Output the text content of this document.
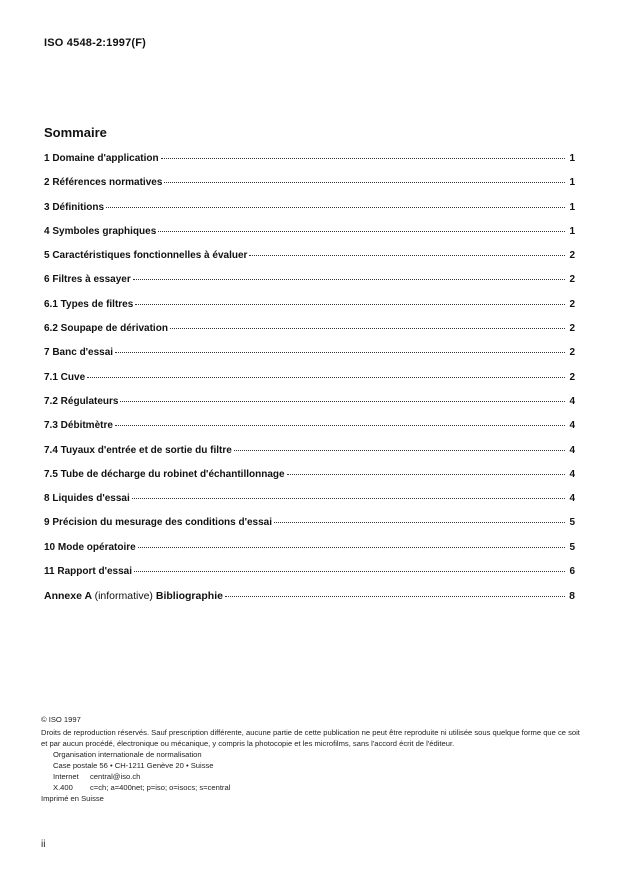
ISO 4548-2:1997(F)
Sommaire
1 Domaine d'application	1
2 Références normatives	1
3 Définitions	1
4 Symboles graphiques	1
5 Caractéristiques fonctionnelles à évaluer	2
6 Filtres à essayer	2
6.1 Types de filtres	2
6.2 Soupape de dérivation	2
7 Banc d'essai	2
7.1 Cuve	2
7.2 Régulateurs	4
7.3 Débitmètre	4
7.4 Tuyaux d'entrée et de sortie du filtre	4
7.5 Tube de décharge du robinet d'échantillonnage	4
8 Liquides d'essai	4
9 Précision du mesurage des conditions d'essai	5
10 Mode opératoire	5
11 Rapport d'essai	6
Annexe A (informative) Bibliographie	8

© ISO 1997

Droits de reproduction réservés. Sauf prescription différente, aucune partie de cette publication ne peut être reproduite ni utilisée sous quelque forme que ce soit et par aucun procédé, électronique ou mécanique, y compris la photocopie et les microfilms, sans l'accord écrit de l'éditeur.

Organisation internationale de normalisation

Case postale 56 • CH-1211 Genève 20 • Suisse

Internet	central@iso.ch
X.400	c=ch; a=400net; p=iso; o=isocs; s=central

Imprimé en Suisse

ii
